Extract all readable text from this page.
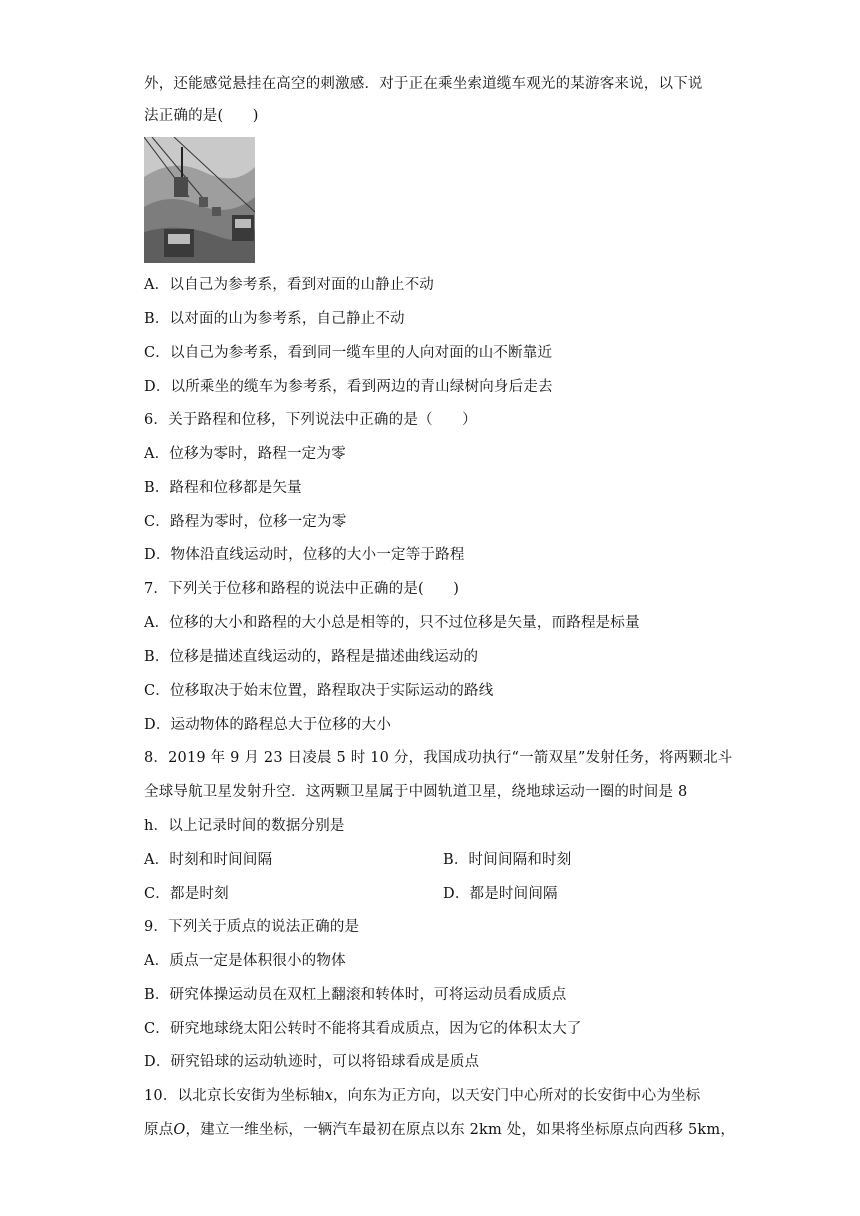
外，还能感觉悬挂在高空的刺激感．对于正在乘坐索道缆车观光的某游客来说，以下说
法正确的是(　　)
A．以自己为参考系，看到对面的山静止不动
B．以对面的山为参考系，自己静止不动
C．以自己为参考系，看到同一缆车里的人向对面的山不断靠近
D．以所乘坐的缆车为参考系，看到两边的青山绿树向身后走去
6．关于路程和位移，下列说法中正确的是（　　）
A．位移为零时，路程一定为零
B．路程和位移都是矢量
C．路程为零时，位移一定为零
D．物体沿直线运动时，位移的大小一定等于路程
7．下列关于位移和路程的说法中正确的是(　　)
A．位移的大小和路程的大小总是相等的，只不过位移是矢量，而路程是标量
B．位移是描述直线运动的，路程是描述曲线运动的
C．位移取决于始末位置，路程取决于实际运动的路线
D．运动物体的路程总大于位移的大小
8．2019 年 9 月 23 日凌晨 5 时 10 分，我国成功执行“一箭双星”发射任务，将两颗北斗
全球导航卫星发射升空．这两颗卫星属于中圆轨道卫星，绕地球运动一圈的时间是 8
h．以上记录时间的数据分别是
A．时刻和时间间隔	B．时间间隔和时刻
C．都是时刻	D．都是时间间隔
9．下列关于质点的说法正确的是
A．质点一定是体积很小的物体
B．研究体操运动员在双杠上翻滚和转体时，可将运动员看成质点
C．研究地球绕太阳公转时不能将其看成质点，因为它的体积太大了
D．研究铅球的运动轨迹时，可以将铅球看成是质点
10．以北京长安街为坐标轴x，向东为正方向，以天安门中心所对的长安街中心为坐标
原点O，建立一维坐标，一辆汽车最初在原点以东 2km 处，如果将坐标原点向西移 5km，
